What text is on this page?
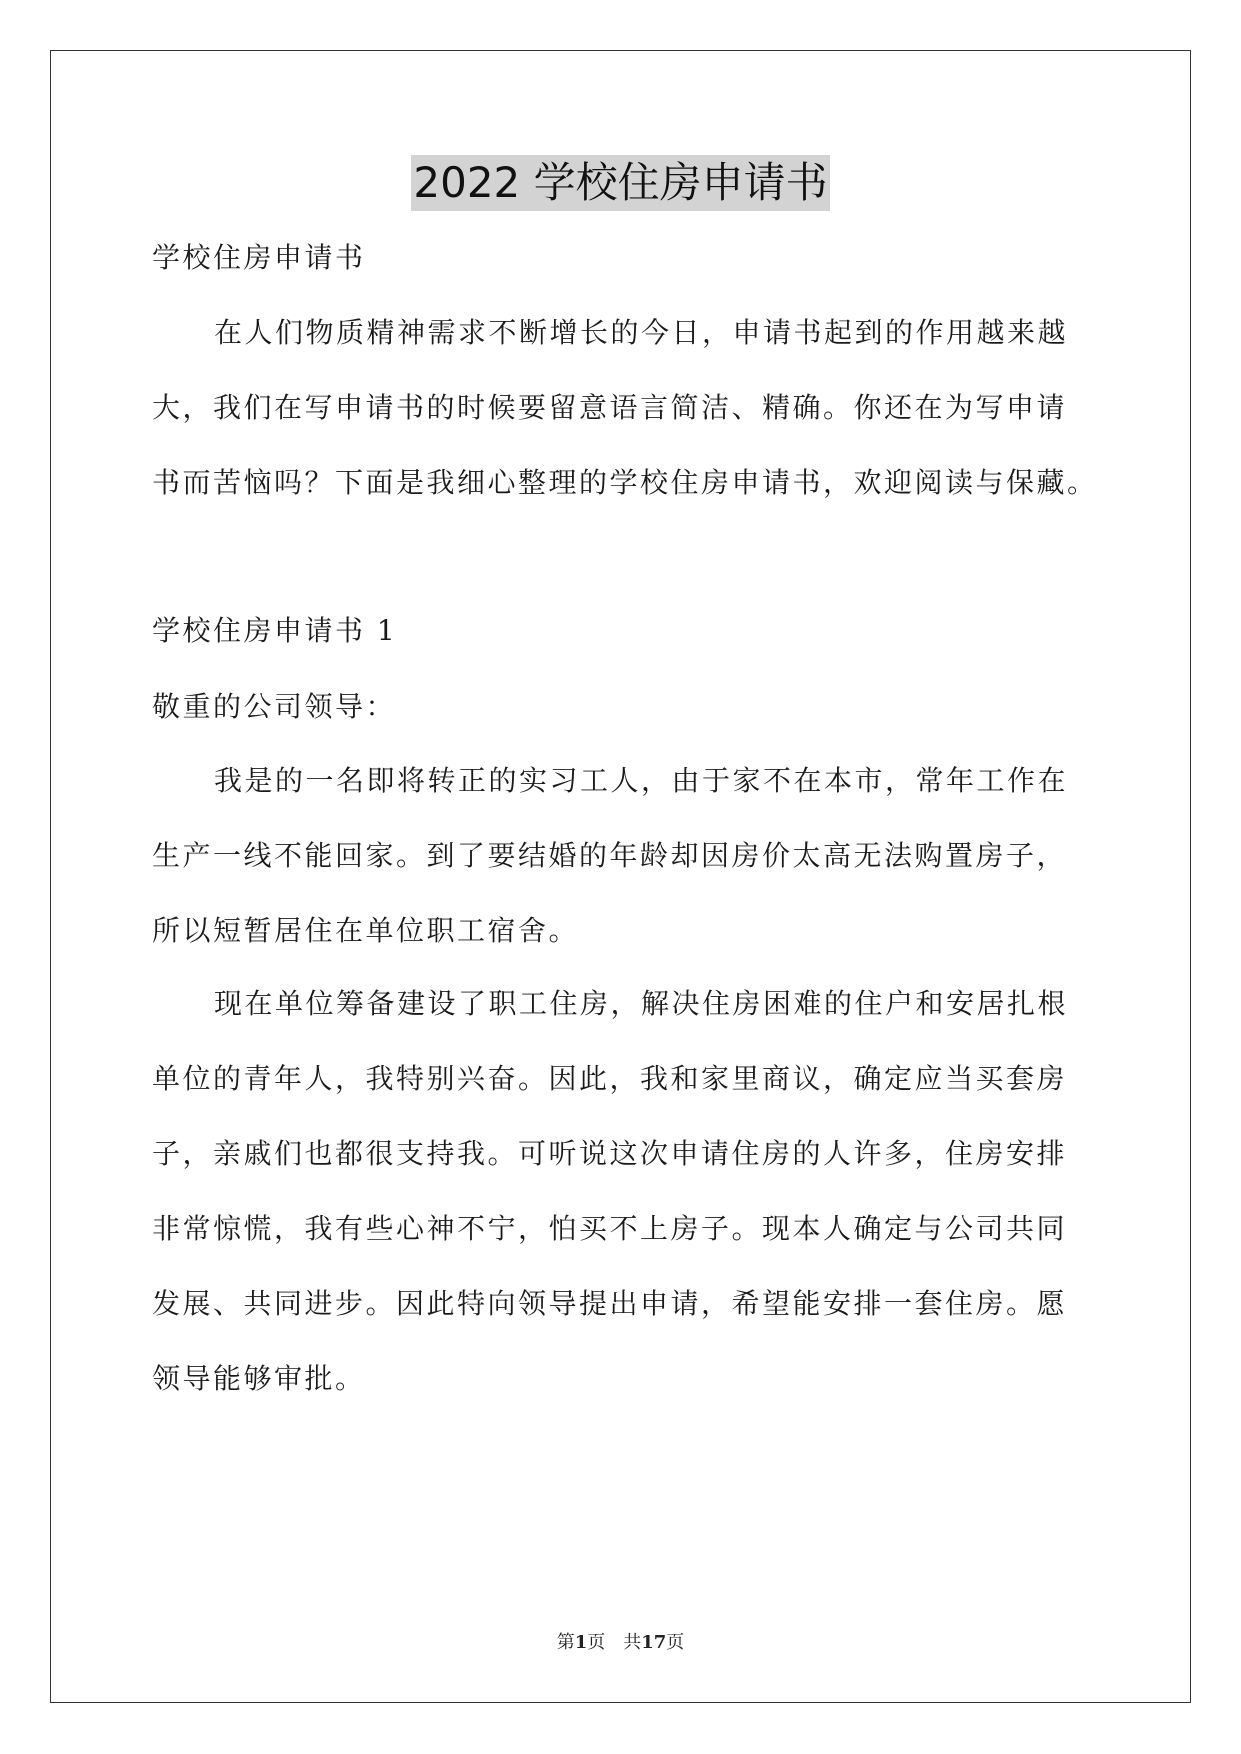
2022 学校住房申请书
学校住房申请书
在人们物质精神需求不断增长的今日，申请书起到的作用越来越
大，我们在写申请书的时候要留意语言简洁、精确。你还在为写申请
书而苦恼吗？下面是我细心整理的学校住房申请书，欢迎阅读与保藏。
学校住房申请书 1
敬重的公司领导：
我是的一名即将转正的实习工人，由于家不在本市，常年工作在
生产一线不能回家。到了要结婚的年龄却因房价太高无法购置房子，
所以短暂居住在单位职工宿舍。
现在单位筹备建设了职工住房，解决住房困难的住户和安居扎根
单位的青年人，我特别兴奋。因此，我和家里商议，确定应当买套房
子，亲戚们也都很支持我。可听说这次申请住房的人许多，住房安排
非常惊慌，我有些心神不宁，怕买不上房子。现本人确定与公司共同
发展、共同进步。因此特向领导提出申请，希望能安排一套住房。愿
领导能够审批。
第1页　 共17页
